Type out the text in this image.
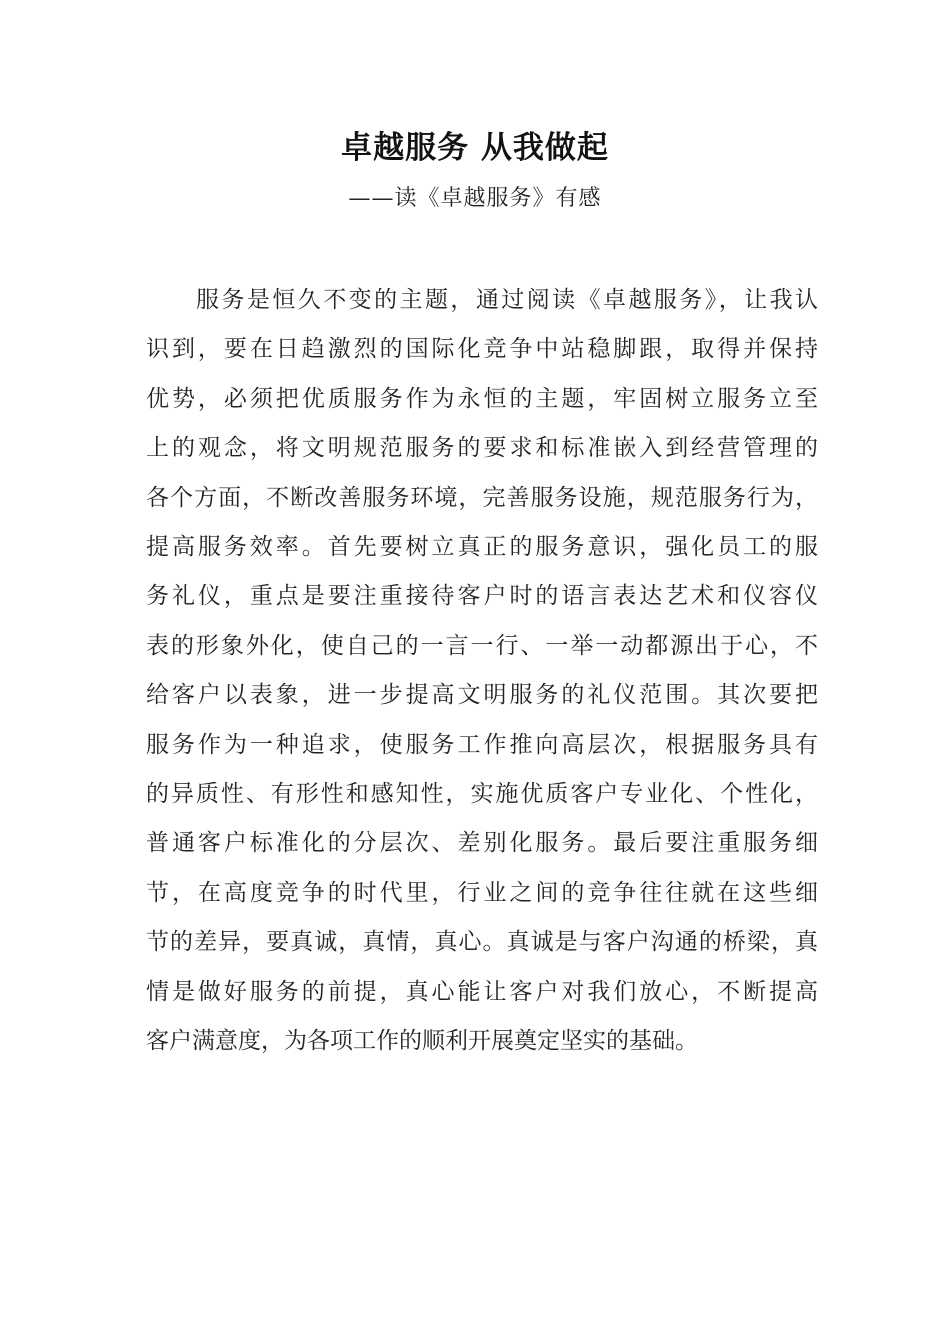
卓越服务 从我做起
——读《卓越服务》有感
服务是恒久不变的主题，通过阅读《卓越服务》，让我认
识到，要在日趋激烈的国际化竞争中站稳脚跟，取得并保持
优势，必须把优质服务作为永恒的主题，牢固树立服务立至
上的观念，将文明规范服务的要求和标准嵌入到经营管理的
各个方面，不断改善服务环境，完善服务设施，规范服务行为，
提高服务效率。首先要树立真正的服务意识，强化员工的服
务礼仪，重点是要注重接待客户时的语言表达艺术和仪容仪
表的形象外化，使自己的一言一行、一举一动都源出于心，不
给客户以表象，进一步提高文明服务的礼仪范围。其次要把
服务作为一种追求，使服务工作推向高层次，根据服务具有
的异质性、有形性和感知性，实施优质客户专业化、个性化，
普通客户标准化的分层次、差别化服务。最后要注重服务细
节，在高度竞争的时代里，行业之间的竞争往往就在这些细
节的差异，要真诚，真情，真心。真诚是与客户沟通的桥梁，真
情是做好服务的前提，真心能让客户对我们放心，不断提高
客户满意度，为各项工作的顺利开展奠定坚实的基础。
